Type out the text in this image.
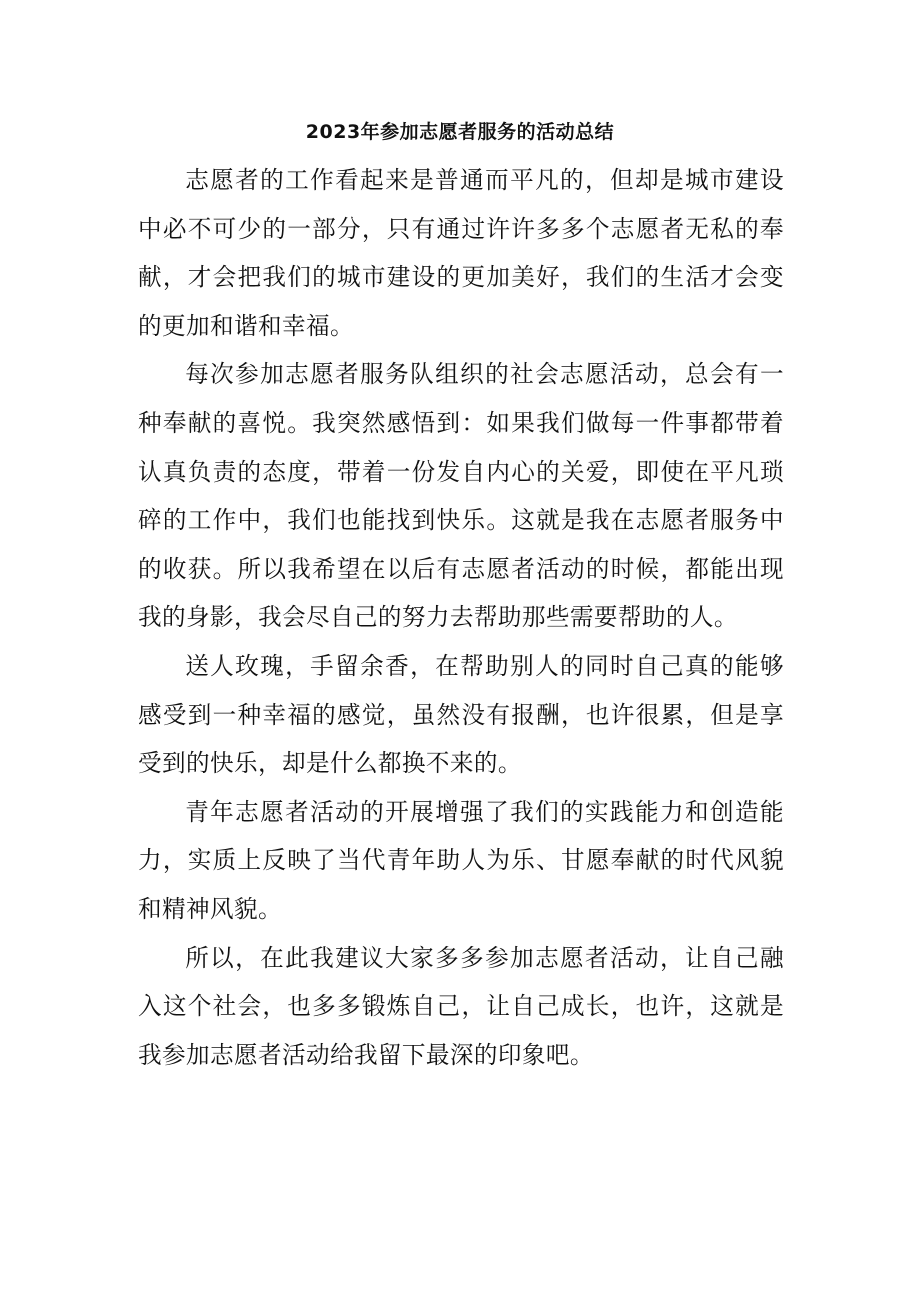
2023年参加志愿者服务的活动总结

志愿者的工作看起来是普通而平凡的，但却是城市建设中必不可少的一部分，只有通过许许多多个志愿者无私的奉献，才会把我们的城市建设的更加美好，我们的生活才会变的更加和谐和幸福。

每次参加志愿者服务队组织的社会志愿活动，总会有一种奉献的喜悦。我突然感悟到：如果我们做每一件事都带着认真负责的态度，带着一份发自内心的关爱，即使在平凡琐碎的工作中，我们也能找到快乐。这就是我在志愿者服务中的收获。所以我希望在以后有志愿者活动的时候，都能出现我的身影，我会尽自己的努力去帮助那些需要帮助的人。

送人玫瑰，手留余香，在帮助别人的同时自己真的能够感受到一种幸福的感觉，虽然没有报酬，也许很累，但是享受到的快乐，却是什么都换不来的。

青年志愿者活动的开展增强了我们的实践能力和创造能力，实质上反映了当代青年助人为乐、甘愿奉献的时代风貌和精神风貌。

所以，在此我建议大家多多参加志愿者活动，让自己融入这个社会，也多多锻炼自己，让自己成长，也许，这就是我参加志愿者活动给我留下最深的印象吧。
